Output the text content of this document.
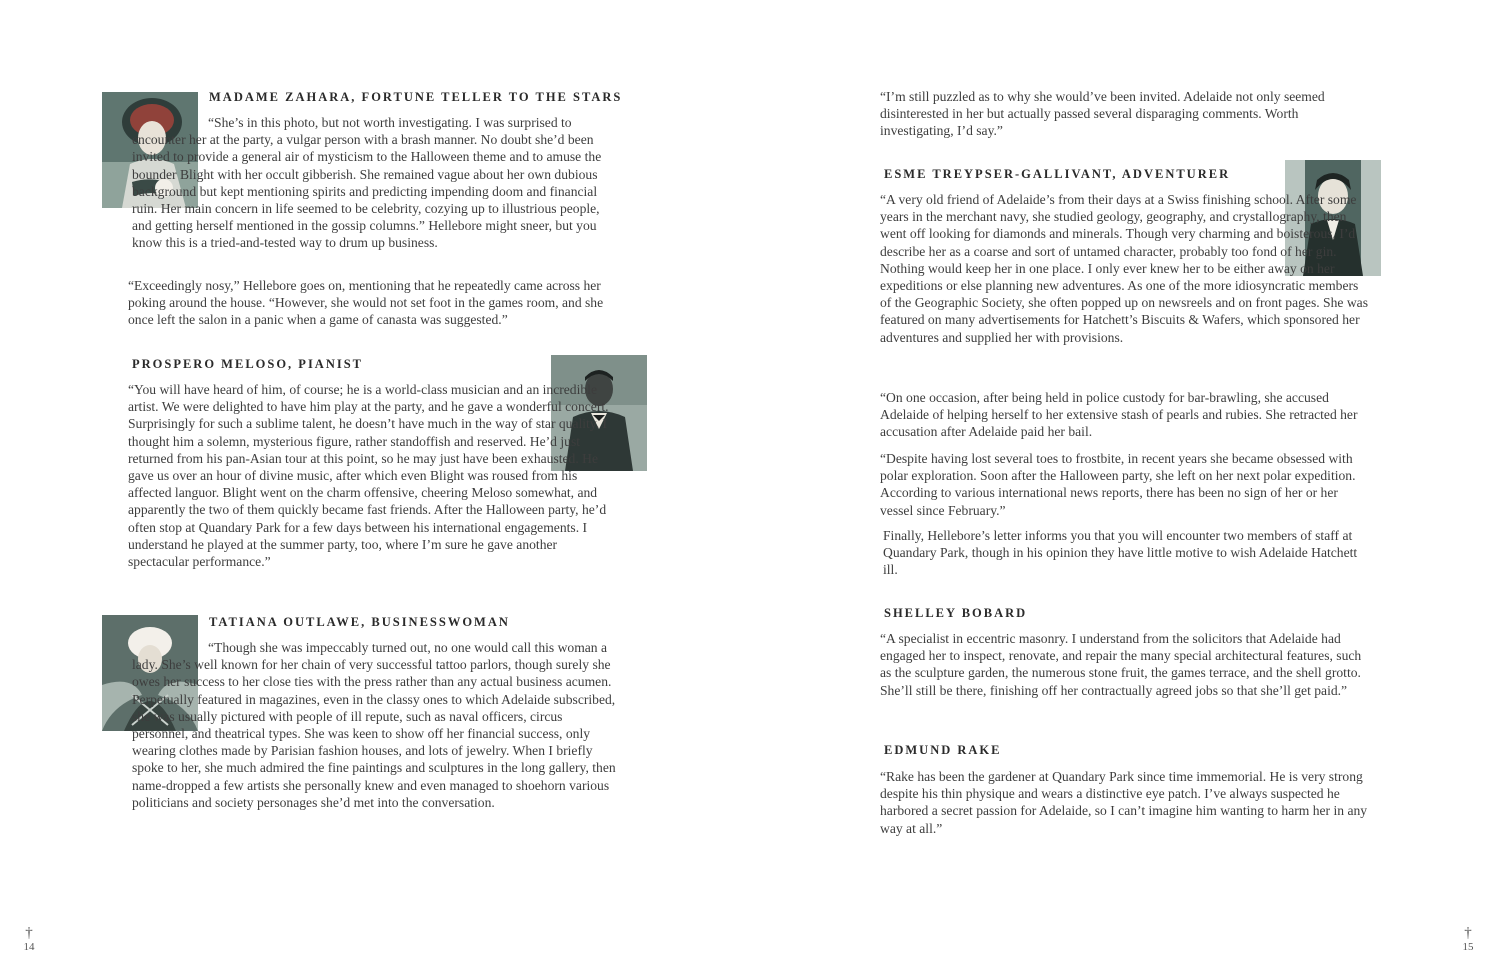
MADAME ZAHARA, FORTUNE TELLER TO THE STARS

“She’s in this photo, but not worth investigating. I was surprised to encounter her at the party, a vulgar person with a brash manner. No doubt she’d been invited to provide a general air of mysticism to the Halloween theme and to amuse the bounder Blight with her occult gibberish. She remained vague about her own dubious background but kept mentioning spirits and predicting impending doom and financial ruin. Her main concern in life seemed to be celebrity, cozying up to illustrious people, and getting herself mentioned in the gossip columns.” Hellebore might sneer, but you know this is a tried-and-tested way to drum up business.

“Exceedingly nosy,” Hellebore goes on, mentioning that he repeatedly came across her poking around the house. “However, she would not set foot in the games room, and she once left the salon in a panic when a game of canasta was suggested.”

PROSPERO MELOSO, PIANIST

“You will have heard of him, of course; he is a world-class musician and an incredible artist. We were delighted to have him play at the party, and he gave a wonderful concert. Surprisingly for such a sublime talent, he doesn’t have much in the way of star quality. I thought him a solemn, mysterious figure, rather standoffish and reserved. He’d just returned from his pan-Asian tour at this point, so he may just have been exhausted. He gave us over an hour of divine music, after which even Blight was roused from his affected languor. Blight went on the charm offensive, cheering Meloso somewhat, and apparently the two of them quickly became fast friends. After the Halloween party, he’d often stop at Quandary Park for a few days between his international engagements. I understand he played at the summer party, too, where I’m sure he gave another spectacular performance.”

TATIANA OUTLAWE, BUSINESSWOMAN

“Though she was impeccably turned out, no one would call this woman a lady. She’s well known for her chain of very successful tattoo parlors, though surely she owes her success to her close ties with the press rather than any actual business acumen. Perpetually featured in magazines, even in the classy ones to which Adelaide subscribed, she was usually pictured with people of ill repute, such as naval officers, circus personnel, and theatrical types. She was keen to show off her financial success, only wearing clothes made by Parisian fashion houses, and lots of jewelry. When I briefly spoke to her, she much admired the fine paintings and sculptures in the long gallery, then name-dropped a few artists she personally knew and even managed to shoehorn various politicians and society personages she’d met into the conversation.

†
14

“I’m still puzzled as to why she would’ve been invited. Adelaide not only seemed disinterested in her but actually passed several disparaging comments. Worth investigating, I’d say.”

ESME TREYPSER-GALLIVANT, ADVENTURER

“A very old friend of Adelaide’s from their days at a Swiss finishing school. After some years in the merchant navy, she studied geology, geography, and crystallography, then went off looking for diamonds and minerals. Though very charming and boisterous, I’d describe her as a coarse and sort of untamed character, probably too fond of her gin. Nothing would keep her in one place. I only ever knew her to be either away on her expeditions or else planning new adventures. As one of the more idiosyncratic members of the Geographic Society, she often popped up on newsreels and on front pages. She was featured on many advertisements for Hatchett’s Biscuits & Wafers, which sponsored her adventures and supplied her with provisions.

“On one occasion, after being held in police custody for bar-brawling, she accused Adelaide of helping herself to her extensive stash of pearls and rubies. She retracted her accusation after Adelaide paid her bail.

“Despite having lost several toes to frostbite, in recent years she became obsessed with polar exploration. Soon after the Halloween party, she left on her next polar expedition. According to various international news reports, there has been no sign of her or her vessel since February.”

Finally, Hellebore’s letter informs you that you will encounter two members of staff at Quandary Park, though in his opinion they have little motive to wish Adelaide Hatchett ill.

SHELLEY BOBARD

“A specialist in eccentric masonry. I understand from the solicitors that Adelaide had engaged her to inspect, renovate, and repair the many special architectural features, such as the sculpture garden, the numerous stone fruit, the games terrace, and the shell grotto. She’ll still be there, finishing off her contractually agreed jobs so that she’ll get paid.”

EDMUND RAKE

“Rake has been the gardener at Quandary Park since time immemorial. He is very strong despite his thin physique and wears a distinctive eye patch. I’ve always suspected he harbored a secret passion for Adelaide, so I can’t imagine him wanting to harm her in any way at all.”

†
15
